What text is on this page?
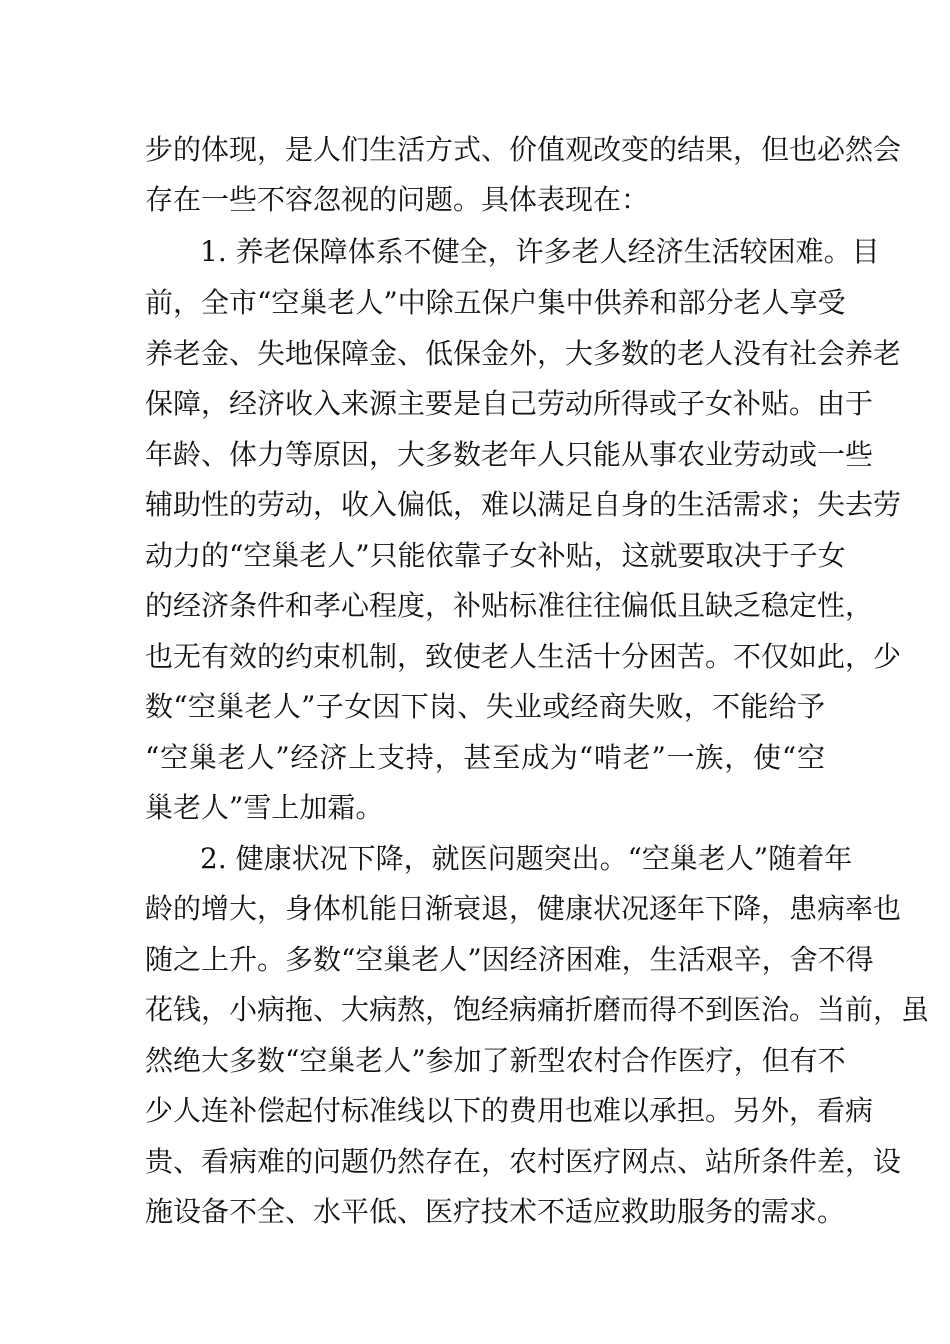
步的体现，是人们生活方式、价值观改变的结果，但也必然会
存在一些不容忽视的问题。具体表现在：
1. 养老保障体系不健全，许多老人经济生活较困难。目
前，全市“空巢老人”中除五保户集中供养和部分老人享受
养老金、失地保障金、低保金外，大多数的老人没有社会养老
保障，经济收入来源主要是自己劳动所得或子女补贴。由于
年龄、体力等原因，大多数老年人只能从事农业劳动或一些
辅助性的劳动，收入偏低，难以满足自身的生活需求；失去劳
动力的“空巢老人”只能依靠子女补贴，这就要取决于子女
的经济条件和孝心程度，补贴标准往往偏低且缺乏稳定性，
也无有效的约束机制，致使老人生活十分困苦。不仅如此，少
数“空巢老人”子女因下岗、失业或经商失败，不能给予
“空巢老人”经济上支持，甚至成为“啃老”一族，使“空
巢老人”雪上加霜。
2. 健康状况下降，就医问题突出。“空巢老人”随着年
龄的增大，身体机能日渐衰退，健康状况逐年下降，患病率也
随之上升。多数“空巢老人”因经济困难，生活艰辛，舍不得
花钱，小病拖、大病熬，饱经病痛折磨而得不到医治。当前，虽
然绝大多数“空巢老人”参加了新型农村合作医疗，但有不
少人连补偿起付标准线以下的费用也难以承担。另外，看病
贵、看病难的问题仍然存在，农村医疗网点、站所条件差，设
施设备不全、水平低、医疗技术不适应救助服务的需求。
